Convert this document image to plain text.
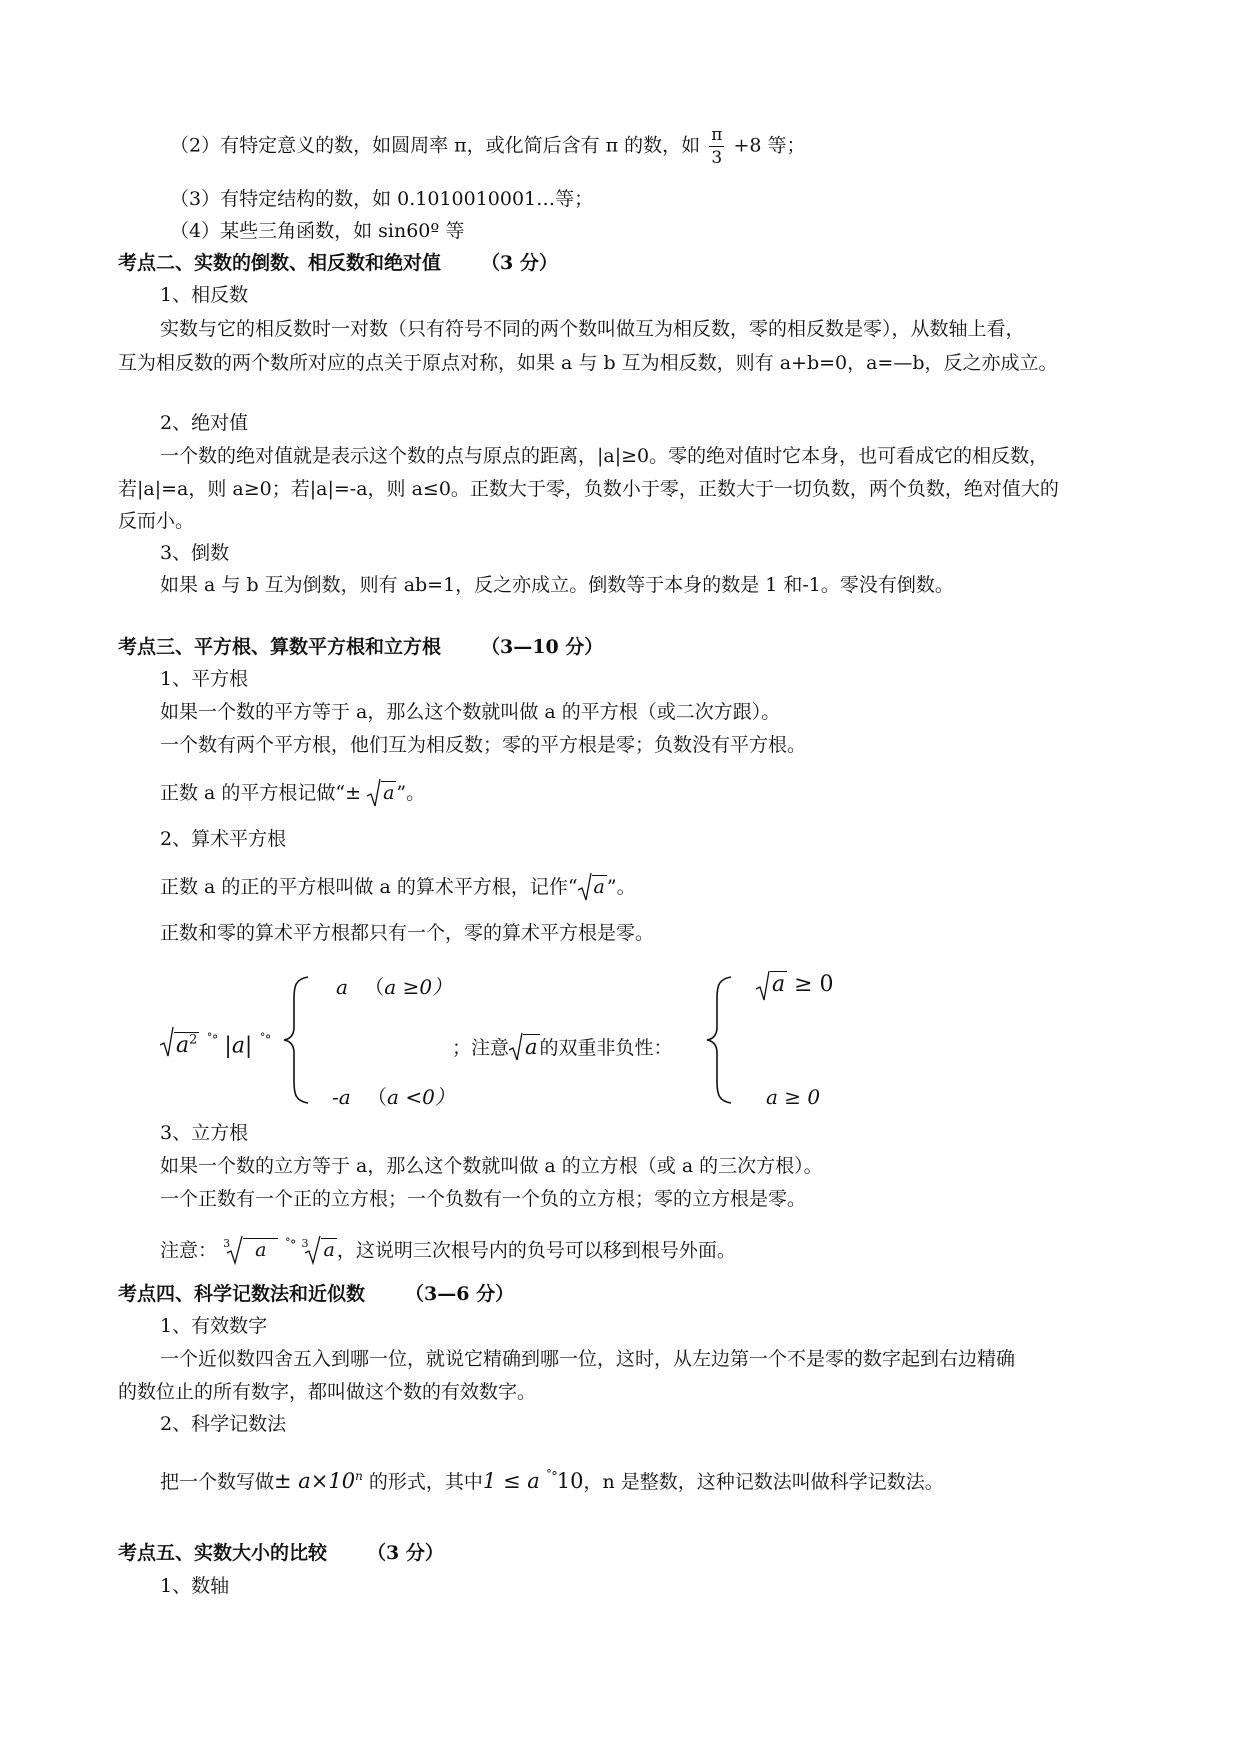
（2）有特定意义的数，如圆周率 π，或化简后含有 π 的数，如 $\frac{\pi}{3} +8$ 等；
（3）有特定结构的数，如 0.1010010001…等；
（4）某些三角函数，如 sin60º 等
考点二、实数的倒数、相反数和绝对值 （3 分）
1、相反数
实数与它的相反数时一对数（只有符号不同的两个数叫做互为相反数，零的相反数是零），从数轴上看，
互为相反数的两个数所对应的点关于原点对称，如果 a 与 b 互为相反数，则有 a+b=0，a=—b，反之亦成立。
2、绝对值
一个数的绝对值就是表示这个数的点与原点的距离，|a|≥0。零的绝对值时它本身，也可看成它的相反数，
若|a|=a，则 a≥0；若|a|=-a，则 a≤0。正数大于零，负数小于零，正数大于一切负数，两个负数，绝对值大的
反而小。
3、倒数
如果 a 与 b 互为倒数，则有 ab=1，反之亦成立。倒数等于本身的数是 1 和-1。零没有倒数。
考点三、平方根、算数平方根和立方根 （3—10 分）
1、平方根
如果一个数的平方等于 a，那么这个数就叫做 a 的平方根（或二次方跟）。
一个数有两个平方根，他们互为相反数；零的平方根是零；负数没有平方根。
正数 a 的平方根记做“± a ”。
2、算术平方根
正数 a 的正的平方根叫做 a 的算术平方根，记作“ a ”。
正数和零的算术平方根都只有一个，零的算术平方根是零。
$a^2$ ˚° |a| ˚°
a （a ≥0）
-a （a <0）
；注意 a 的双重非负性：
a ≥ 0
a ≥ 0
3、立方根
如果一个数的立方等于 a，那么这个数就叫做 a 的立方根（或 a 的三次方根）。
一个正数有一个正的立方根；一个负数有一个负的立方根；零的立方根是零。
注意： 3 a ˚° 3 a ，这说明三次根号内的负号可以移到根号外面。
考点四、科学记数法和近似数 （3—6 分）
1、有效数字
一个近似数四舍五入到哪一位，就说它精确到哪一位，这时，从左边第一个不是零的数字起到右边精确
的数位止的所有数字，都叫做这个数的有效数字。
2、科学记数法
把一个数写做± $a\times 10^n$ 的形式，其中1 ≤ a ˚°10，n 是整数，这种记数法叫做科学记数法。
考点五、实数大小的比较 （3 分）
1、数轴
